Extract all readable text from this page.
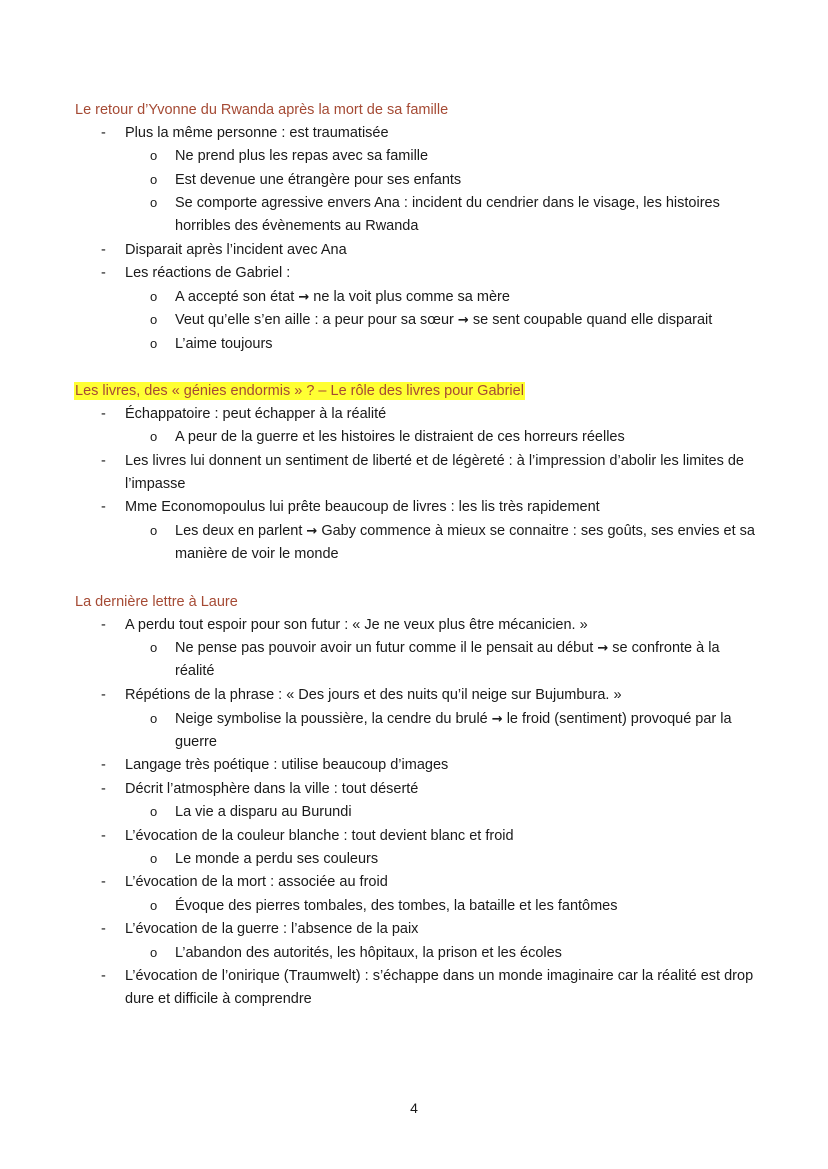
Le retour d’Yvonne du Rwanda après la mort de sa famille
- Plus la même personne : est traumatisée
o Ne prend plus les repas avec sa famille
o Est devenue une étrangère pour ses enfants
o Se comporte agressive envers Ana : incident du cendrier dans le visage, les histoires horribles des évènements au Rwanda
- Disparait après l’incident avec Ana
- Les réactions de Gabriel :
o A accepté son état → ne la voit plus comme sa mère
o Veut qu’elle s’en aille : a peur pour sa sœur → se sent coupable quand elle disparait
o L’aime toujours
Les livres, des « génies endormis » ? – Le rôle des livres pour Gabriel
- Échappatoire : peut échapper à la réalité
o A peur de la guerre et les histoires le distraient de ces horreurs réelles
- Les livres lui donnent un sentiment de liberté et de légèreté : à l’impression d’abolir les limites de l’impasse
- Mme Economopoulus lui prête beaucoup de livres : les lis très rapidement
o Les deux en parlent → Gaby commence à mieux se connaitre : ses goûts, ses envies et sa manière de voir le monde
La dernière lettre à Laure
- A perdu tout espoir pour son futur : « Je ne veux plus être mécanicien. »
o Ne pense pas pouvoir avoir un futur comme il le pensait au début → se confronte à la réalité
- Répétions de la phrase : « Des jours et des nuits qu’il neige sur Bujumbura. »
o Neige symbolise la poussière, la cendre du brulé → le froid (sentiment) provoqué par la guerre
- Langage très poétique : utilise beaucoup d’images
- Décrit l’atmosphère dans la ville : tout déserté
o La vie a disparu au Burundi
- L’évocation de la couleur blanche : tout devient blanc et froid
o Le monde a perdu ses couleurs
- L’évocation de la mort : associée au froid
o Évoque des pierres tombales, des tombes, la bataille et les fantômes
- L’évocation de la guerre : l’absence de la paix
o L’abandon des autorités, les hôpitaux, la prison et les écoles
- L’évocation de l’onirique (Traumwelt) : s’échappe dans un monde imaginaire car la réalité est drop dure et difficile à comprendre
4
